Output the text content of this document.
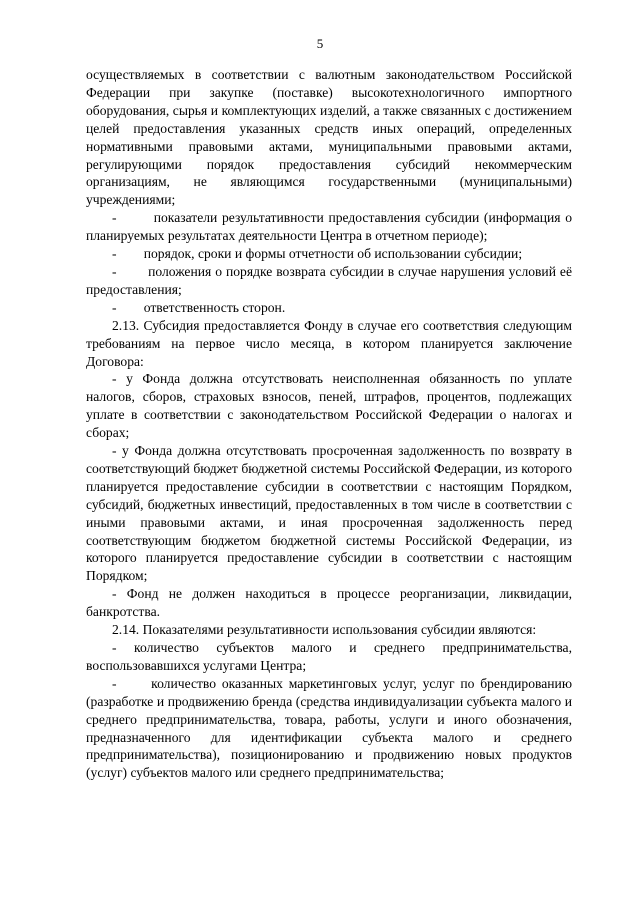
5

осуществляемых в соответствии с валютным законодательством Российской Федерации при закупке (поставке) высокотехнологичного импортного оборудования, сырья и комплектующих изделий, а также связанных с достижением целей предоставления указанных средств иных операций, определенных нормативными правовыми актами, муниципальными правовыми актами, регулирующими порядок предоставления субсидий некоммерческим организациям, не являющимся государственными (муниципальными) учреждениями;

-        показатели результативности предоставления субсидии (информация о планируемых результатах деятельности Центра в отчетном периоде);

-        порядок, сроки и формы отчетности об использовании субсидии;

-        положения о порядке возврата субсидии в случае нарушения условий её предоставления;

-        ответственность сторон.

2.13. Субсидия предоставляется Фонду в случае его соответствия следующим требованиям на первое число месяца, в котором планируется заключение Договора:

- у Фонда должна отсутствовать неисполненная обязанность по уплате налогов, сборов, страховых взносов, пеней, штрафов, процентов, подлежащих уплате в соответствии с законодательством Российской Федерации о налогах и сборах;

- у Фонда должна отсутствовать просроченная задолженность по возврату в соответствующий бюджет бюджетной системы Российской Федерации, из которого планируется предоставление субсидии в соответствии с настоящим Порядком, субсидий, бюджетных инвестиций, предоставленных в том числе в соответствии с иными правовыми актами, и иная просроченная задолженность перед соответствующим бюджетом бюджетной системы Российской Федерации, из которого планируется предоставление субсидии в соответствии с настоящим Порядком;

- Фонд не должен находиться в процессе реорганизации, ликвидации, банкротства.

2.14. Показателями результативности использования субсидии являются:

- количество субъектов малого и среднего предпринимательства, воспользовавшихся услугами Центра;

-      количество оказанных маркетинговых услуг, услуг по брендированию (разработке и продвижению бренда (средства индивидуализации субъекта малого и среднего предпринимательства, товара, работы, услуги и иного обозначения, предназначенного для идентификации субъекта малого и среднего предпринимательства), позиционированию и продвижению новых продуктов (услуг) субъектов малого или среднего предпринимательства;
